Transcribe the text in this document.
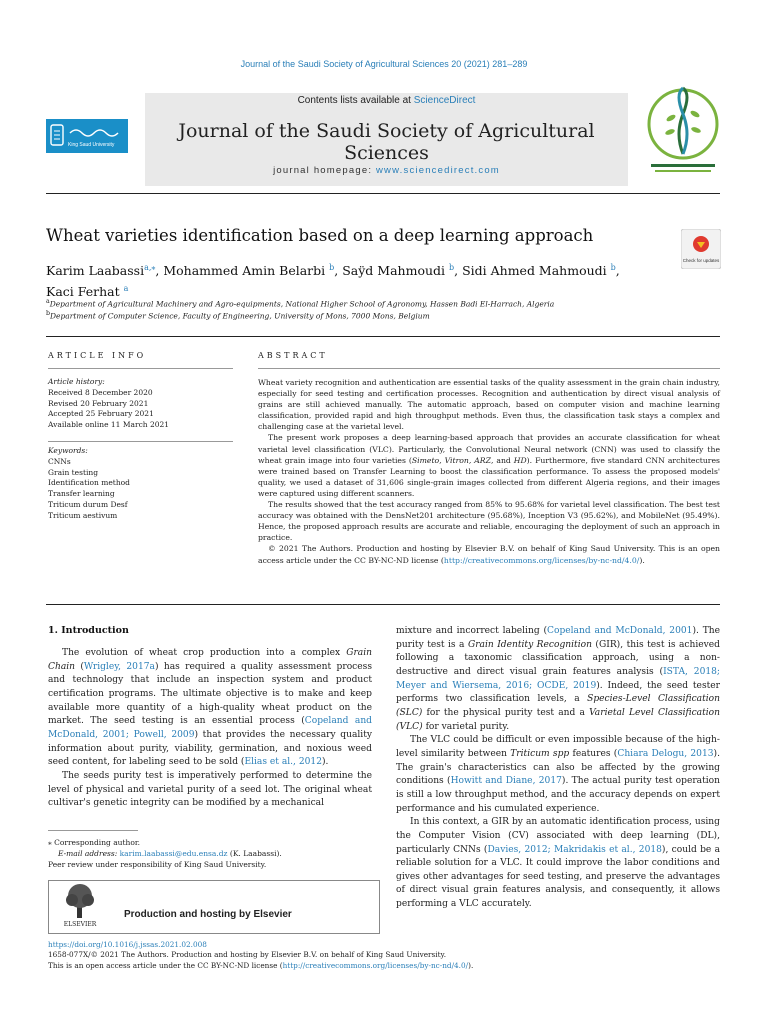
Journal of the Saudi Society of Agricultural Sciences 20 (2021) 281–289
Contents lists available at ScienceDirect
Journal of the Saudi Society of Agricultural Sciences
journal homepage: www.sciencedirect.com
King Saud University
Wheat varieties identification based on a deep learning approach
Check for updates
Karim Laabassi$^{a,⁎}$, Mohammed Amin Belarbi $^b$, Saÿd Mahmoudi $^b$, Sidi Ahmed Mahmoudi $^b$,
Kaci Ferhat $^a$
$^a$Department of Agricultural Machinery and Agro-equipments, National Higher School of Agronomy, Hassen Badi El-Harrach, Algeria
$^b$Department of Computer Science, Faculty of Engineering, University of Mons, 7000 Mons, Belgium
ARTICLE INFO	ABSTRACT
Article history:
Received 8 December 2020
Revised 20 February 2021
Accepted 25 February 2021
Available online 11 March 2021
Keywords:
CNNs
Grain testing
Identification method
Transfer learning
Triticum durum Desf
Triticum aestivum

Wheat variety recognition and authentication are essential tasks of the quality assessment in the grain chain industry, especially for seed testing and certification processes. Recognition and authentication by direct visual analysis of grains are still achieved manually. The automatic approach, based on computer vision and machine learning classification, provided rapid and high throughput methods. Even thus, the classification task stays a complex and challenging case at the varietal level.

The present work proposes a deep learning-based approach that provides an accurate classification for wheat varietal level classification (VLC). Particularly, the Convolutional Neural network (CNN) was used to classify the wheat grain image into four varieties (Simeto, Vitron, ARZ, and HD). Furthermore, five standard CNN architectures were trained based on Transfer Learning to boost the classification performance. To assess the proposed models' quality, we used a dataset of 31,606 single-grain images collected from different Algeria regions, and their images were captured using different scanners.

The results showed that the test accuracy ranged from 85% to 95.68% for varietal level classification. The best test accuracy was obtained with the DensNet201 architecture (95.68%), Inception V3 (95.62%), and MobileNet (95.49%). Hence, the proposed approach results are accurate and reliable, encouraging the deployment of such an approach in practice.

© 2021 The Authors. Production and hosting by Elsevier B.V. on behalf of King Saud University. This is an open access article under the CC BY-NC-ND license (http://creativecommons.org/licenses/by-nc-nd/4.0/).

1. Introduction

The evolution of wheat crop production into a complex Grain Chain (Wrigley, 2017a) has required a quality assessment process and technology that include an inspection system and product certification programs. The ultimate objective is to make and keep available more quantity of a high-quality wheat product on the market. The seed testing is an essential process (Copeland and McDonald, 2001; Powell, 2009) that provides the necessary quality information about purity, viability, germination, and noxious weed seed content, for labeling seed to be sold (Elias et al., 2012).

The seeds purity test is imperatively performed to determine the level of physical and varietal purity of a seed lot. The original wheat cultivar's genetic integrity can be modified by a mechanical

mixture and incorrect labeling (Copeland and McDonald, 2001). The purity test is a Grain Identity Recognition (GIR), this test is achieved following a taxonomic classification approach, using a non-destructive and direct visual grain features analysis (ISTA, 2018; Meyer and Wiersema, 2016; OCDE, 2019). Indeed, the seed tester performs two classification levels, a Species-Level Classification (SLC) for the physical purity test and a Varietal Level Classification (VLC) for varietal purity.

The VLC could be difficult or even impossible because of the high-level similarity between Triticum spp features (Chiara Delogu, 2013). The grain's characteristics can also be affected by the growing conditions (Howitt and Diane, 2017). The actual purity test operation is still a low throughput method, and the accuracy depends on expert performance and his cumulated experience.

In this context, a GIR by an automatic identification process, using the Computer Vision (CV) associated with deep learning (DL), particularly CNNs (Davies, 2012; Makridakis et al., 2018), could be a reliable solution for a VLC. It could improve the labor conditions and gives other advantages for seed testing, and preserve the advantages of direct visual grain features analysis, and consequently, it allows performing a VLC accurately.

⁎ Corresponding author.
E-mail address: karim.laabassi@edu.ensa.dz (K. Laabassi).
Peer review under responsibility of King Saud University.
ELSEVIER
Production and hosting by Elsevier
https://doi.org/10.1016/j.jssas.2021.02.008
1658-077X/© 2021 The Authors. Production and hosting by Elsevier B.V. on behalf of King Saud University.
This is an open access article under the CC BY-NC-ND license (http://creativecommons.org/licenses/by-nc-nd/4.0/).
